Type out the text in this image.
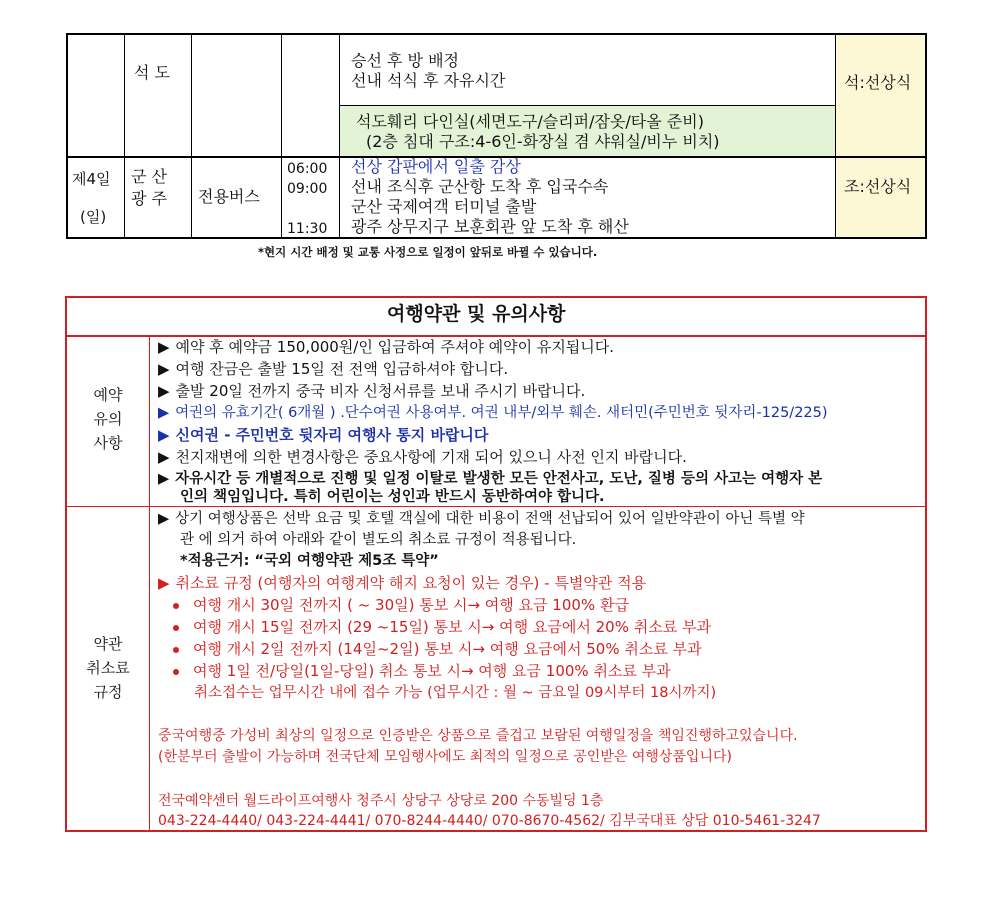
석 도
승선 후 방 배정
선내 석식 후 자유시간
석도훼리 다인실(세면도구/슬리퍼/잠옷/타올 준비)
(2층 침대 구조:4-6인-화장실 겸 샤워실/비누 비치)
석:선상식
제4일
(일)
군 산
광 주 전용버스
06:00
09:00
11:30
선상 갑판에서 일출 감상
선내 조식후 군산항 도착 후 입국수속
군산 국제여객 터미널 출발
광주 상무지구 보훈회관 앞 도착 후 해산
조:선상식
*현지 시간 배정 및 교통 사정으로 일정이 앞뒤로 바뀔 수 있습니다.
여행약관 및 유의사항
예약
유의
사항
▶ 예약 후 예약금 150,000원/인 입금하여 주셔야 예약이 유지됩니다.
▶ 여행 잔금은 출발 15일 전 전액 입금하셔야 합니다.
▶ 출발 20일 전까지 중국 비자 신청서류를 보내 주시기 바랍니다.
▶ 여권의 유효기간( 6개월 ) .단수여권 사용여부. 여권 내부/외부 훼손. 새터민(주민번호 뒷자리-125/225)
▶ 신여권 - 주민번호 뒷자리 여행사 통지 바랍니다
▶ 천지재변에 의한 변경사항은 중요사항에 기재 되어 있으니 사전 인지 바랍니다.
▶ 자유시간 등 개별적으로 진행 및 일정 이탈로 발생한 모든 안전사고, 도난, 질병 등의 사고는 여행자 본
인의 책임입니다. 특히 어린이는 성인과 반드시 동반하여야 합니다.
약관
취소료
규정
▶ 상기 여행상품은 선박 요금 및 호텔 객실에 대한 비용이 전액 선납되어 있어 일반약관이 아닌 특별 약
관 에 의거 하여 아래와 같이 별도의 취소료 규정이 적용됩니다.
*적용근거: “국외 여행약관 제5조 특약”
▶ 취소료 규정 (여행자의 여행계약 해지 요청이 있는 경우) - 특별약관 적용
여행 개시 30일 전까지 ( ~ 30일) 통보 시→ 여행 요금 100% 환급
여행 개시 15일 전까지 (29 ~15일) 통보 시→ 여행 요금에서 20% 취소료 부과
여행 개시 2일 전까지 (14일~2일) 통보 시→ 여행 요금에서 50% 취소료 부과
여행 1일 전/당일(1일-당일) 취소 통보 시→ 여행 요금 100% 취소료 부과
취소접수는 업무시간 내에 접수 가능 (업무시간 : 월 ~ 금요일 09시부터 18시까지)
중국여행중 가성비 최상의 일정으로 인증받은 상품으로 즐겁고 보람된 여행일정을 책임진행하고있습니다.
(한분부터 출발이 가능하며 전국단체 모임행사에도 최적의 일정으로 공인받은 여행상품입니다)
전국예약센터 월드라이프여행사 청주시 상당구 상당로 200 수동빌딩 1층
043-224-4440/ 043-224-4441/ 070-8244-4440/ 070-8670-4562/ 김부국대표 상담 010-5461-3247
